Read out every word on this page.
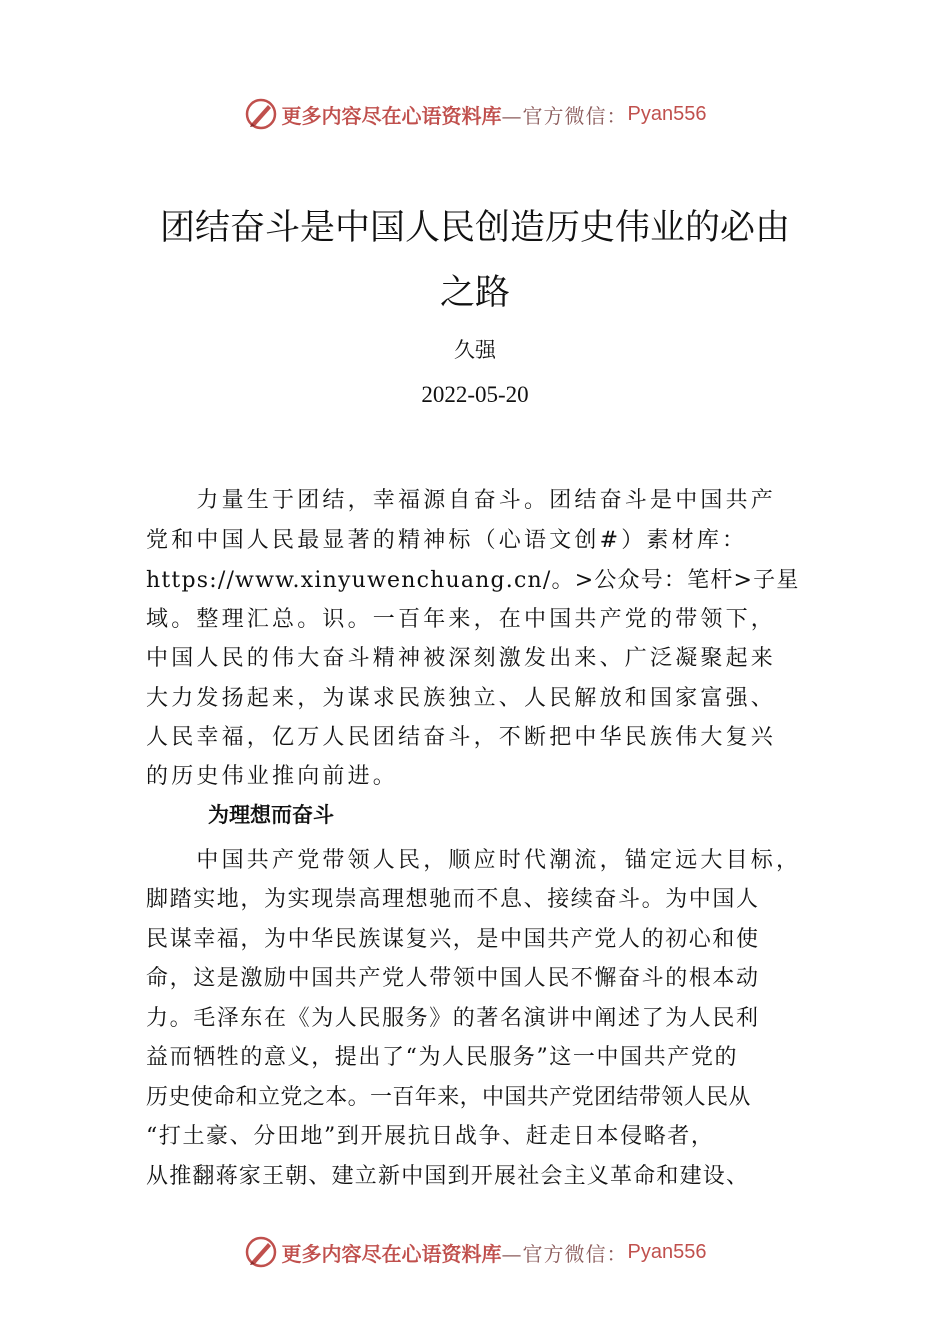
更多内容尽在心语资料库 —官方微信： Pyan556
团结奋斗是中国人民创造历史伟业的必由
之路
久强
2022-05-20
　　力量生于团结，幸福源自奋斗。团结奋斗是中国共产
党和中国人民最显著的精神标（心语文创#）素材库：
https://www.xinyuwenchuang.cn/。>公众号：笔杆>子星
域。整理汇总。识。一百年来，在中国共产党的带领下，
中国人民的伟大奋斗精神被深刻激发出来、广泛凝聚起来
大力发扬起来，为谋求民族独立、人民解放和国家富强、
人民幸福，亿万人民团结奋斗，不断把中华民族伟大复兴
的历史伟业推向前进。
为理想而奋斗
　　中国共产党带领人民，顺应时代潮流，锚定远大目标，
脚踏实地，为实现崇高理想驰而不息、接续奋斗。为中国人
民谋幸福，为中华民族谋复兴，是中国共产党人的初心和使
命，这是激励中国共产党人带领中国人民不懈奋斗的根本动
力。毛泽东在《为人民服务》的著名演讲中阐述了为人民利
益而牺牲的意义，提出了“为人民服务”这一中国共产党的
历史使命和立党之本。一百年来，中国共产党团结带领人民从
“打土豪、分田地”到开展抗日战争、赶走日本侵略者，
从推翻蒋家王朝、建立新中国到开展社会主义革命和建设、
更多内容尽在心语资料库 —官方微信： Pyan556
